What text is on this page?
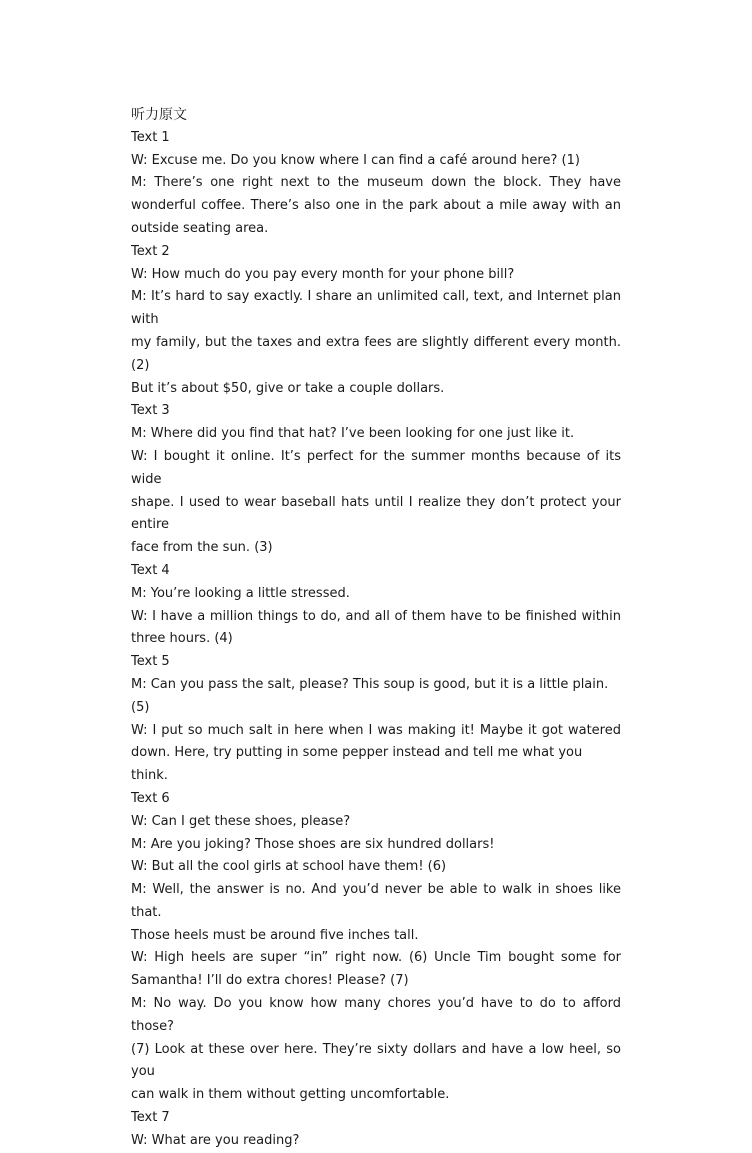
听力原文

Text 1

W: Excuse me. Do you know where I can find a café around here? (1)

M: There’s one right next to the museum down the block. They have

wonderful coffee. There’s also one in the park about a mile away with an

outside seating area.

Text 2

W: How much do you pay every month for your phone bill?

M: It’s hard to say exactly. I share an unlimited call, text, and Internet plan with

my family, but the taxes and extra fees are slightly different every month. (2)

But it’s about $50, give or take a couple dollars.

Text 3

M: Where did you find that hat? I’ve been looking for one just like it.

W: I bought it online. It’s perfect for the summer months because of its wide

shape. I used to wear baseball hats until I realize they don’t protect your entire

face from the sun. (3)

Text 4

M: You’re looking a little stressed.

W: I have a million things to do, and all of them have to be finished within

three hours. (4)

Text 5

M: Can you pass the salt, please? This soup is good, but it is a little plain. (5)

W: I put so much salt in here when I was making it! Maybe it got watered

down. Here, try putting in some pepper instead and tell me what you think.

Text 6

W: Can I get these shoes, please?

M: Are you joking? Those shoes are six hundred dollars!

W: But all the cool girls at school have them! (6)

M: Well, the answer is no. And you’d never be able to walk in shoes like that.

Those heels must be around five inches tall.

W: High heels are super “in” right now. (6) Uncle Tim bought some for

Samantha! I’ll do extra chores! Please? (7)

M: No way. Do you know how many chores you’d have to do to afford those?

(7) Look at these over here. They’re sixty dollars and have a low heel, so you

can walk in them without getting uncomfortable.

Text 7

W: What are you reading?
